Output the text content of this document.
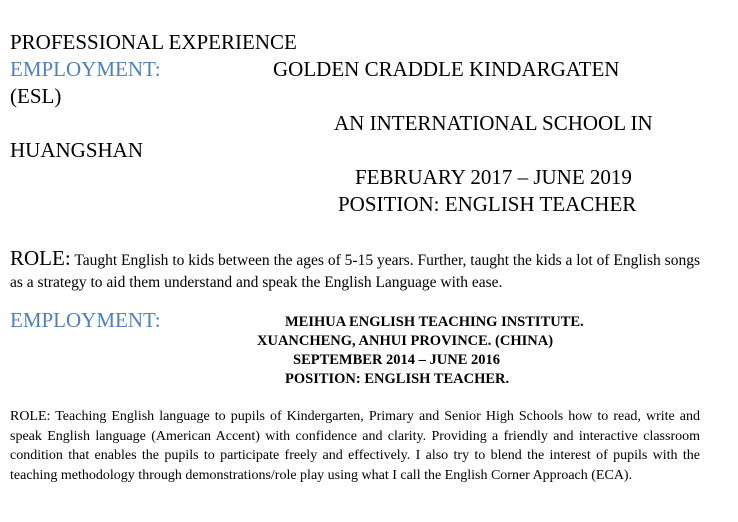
PROFESSIONAL EXPERIENCE
EMPLOYMENT:	GOLDEN CRADDLE KINDARGATEN
(ESL)
AN INTERNATIONAL SCHOOL IN
HUANGSHAN
FEBRUARY 2017 – JUNE 2019
POSITION: ENGLISH TEACHER
ROLE: Taught English to kids between the ages of 5-15 years. Further, taught the kids a lot of English songs as a strategy to aid them understand and speak the English Language with ease.
EMPLOYMENT:	MEIHUA ENGLISH TEACHING INSTITUTE.
XUANCHENG, ANHUI PROVINCE. (CHINA)
SEPTEMBER 2014 – JUNE 2016
POSITION: ENGLISH TEACHER.
ROLE: Teaching English language to pupils of Kindergarten, Primary and Senior High Schools how to read, write and speak English language (American Accent) with confidence and clarity. Providing a friendly and interactive classroom condition that enables the pupils to participate freely and effectively. I also try to blend the interest of pupils with the teaching methodology through demonstrations/role play using what I call the English Corner Approach (ECA).
